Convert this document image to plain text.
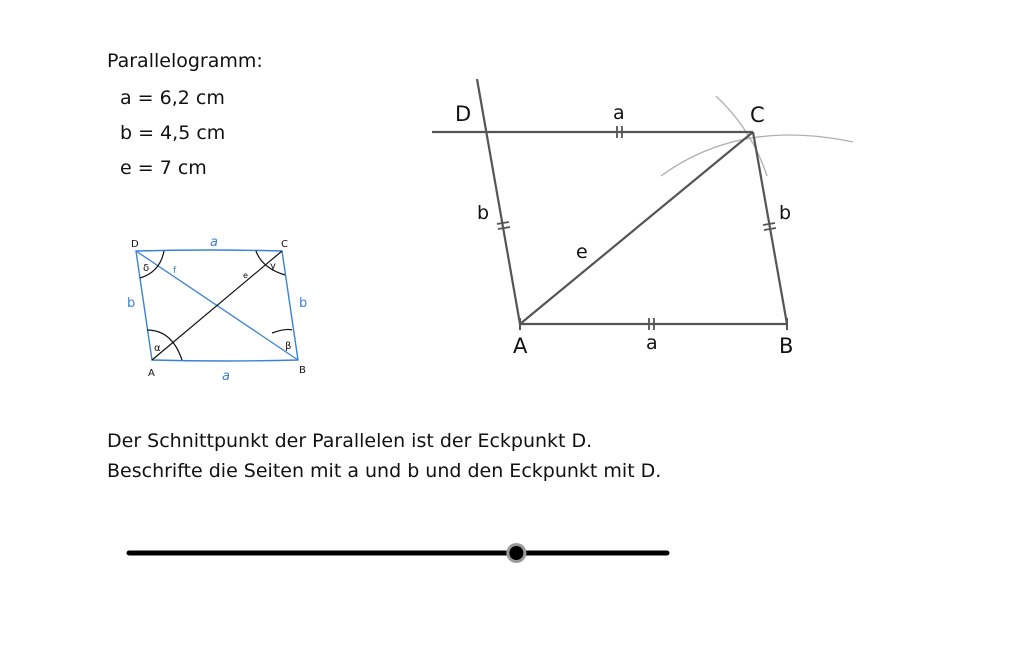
Parallelogramm:
a = 6,2 cm
b = 4,5 cm
e = 7 cm
D	C
A	B
a
a
b	b
e
f
α	β
γ
δ
D	C
A	B
a
a
b	b
e
Der Schnittpunkt der Parallelen ist der Eckpunkt D.
Beschrifte die Seiten mit a und b und den Eckpunkt mit D.
